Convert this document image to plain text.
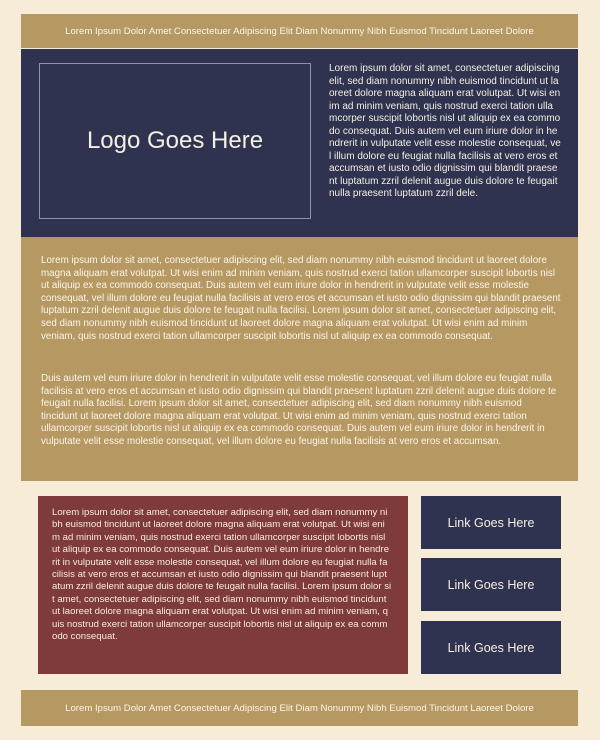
Lorem Ipsum Dolor Amet Consectetuer Adipiscing Elit Diam Nonummy Nibh Euismod Tincidunt Laoreet Dolore
Logo Goes Here

Lorem ipsum dolor sit amet, consectetuer adipiscing elit, sed diam nonummy nibh euismod tincidunt ut laoreet dolore magna aliquam erat volutpat. Ut wisi enim ad minim veniam, quis nostrud exerci tation ullamcorper suscipit lobortis nisl ut aliquip ex ea commodo consequat. Duis autem vel eum iriure dolor in hendrerit in vulputate velit esse molestie consequat, vel illum dolore eu feugiat nulla facilisis at vero eros et accumsan et iusto odio dignissim qui blandit praesent luptatum zzril delenit augue duis dolore te feugait nulla praesent luptatum zzril dele.

Lorem ipsum dolor sit amet, consectetuer adipiscing elit, sed diam nonummy nibh euismod tincidunt ut laoreet dolore magna aliquam erat volutpat. Ut wisi enim ad minim veniam, quis nostrud exerci tation ullamcorper suscipit lobortis nisl ut aliquip ex ea commodo consequat. Duis autem vel eum iriure dolor in hendrerit in vulputate velit esse molestie consequat, vel illum dolore eu feugiat nulla facilisis at vero eros et accumsan et iusto odio dignissim qui blandit praesent luptatum zzril delenit augue duis dolore te feugait nulla facilisi. Lorem ipsum dolor sit amet, consectetuer adipiscing elit, sed diam nonummy nibh euismod tincidunt ut laoreet dolore magna aliquam erat volutpat. Ut wisi enim ad minim veniam, quis nostrud exerci tation ullamcorper suscipit lobortis nisl ut aliquip ex ea commodo consequat.

Duis autem vel eum iriure dolor in hendrerit in vulputate velit esse molestie consequat, vel illum dolore eu feugiat nulla facilisis at vero eros et accumsan et iusto odio dignissim qui blandit praesent luptatum zzril delenit augue duis dolore te feugait nulla facilisi. Lorem ipsum dolor sit amet, consectetuer adipiscing elit, sed diam nonummy nibh euismod tincidunt ut laoreet dolore magna aliquam erat volutpat. Ut wisi enim ad minim veniam, quis nostrud exerci tation ullamcorper suscipit lobortis nisl ut aliquip ex ea commodo consequat. Duis autem vel eum iriure dolor in hendrerit in vulputate velit esse molestie consequat, vel illum dolore eu feugiat nulla facilisis at vero eros et accumsan.

Lorem ipsum dolor sit amet, consectetuer adipiscing elit, sed diam nonummy nibh euismod tincidunt ut laoreet dolore magna aliquam erat volutpat. Ut wisi enim ad minim veniam, quis nostrud exerci tation ullamcorper suscipit lobortis nisl ut aliquip ex ea commodo consequat. Duis autem vel eum iriure dolor in hendrerit in vulputate velit esse molestie consequat, vel illum dolore eu feugiat nulla facilisis at vero eros et accumsan et iusto odio dignissim qui blandit praesent luptatum zzril delenit augue duis dolore te feugait nulla facilisi. Lorem ipsum dolor sit amet, consectetuer adipiscing elit, sed diam nonummy nibh euismod tincidunt ut laoreet dolore magna aliquam erat volutpat. Ut wisi enim ad minim veniam, quis nostrud exerci tation ullamcorper suscipit lobortis nisl ut aliquip ex ea commodo consequat.

Link Goes Here
Link Goes Here
Link Goes Here
Lorem Ipsum Dolor Amet Consectetuer Adipiscing Elit Diam Nonummy Nibh Euismod Tincidunt Laoreet Dolore
